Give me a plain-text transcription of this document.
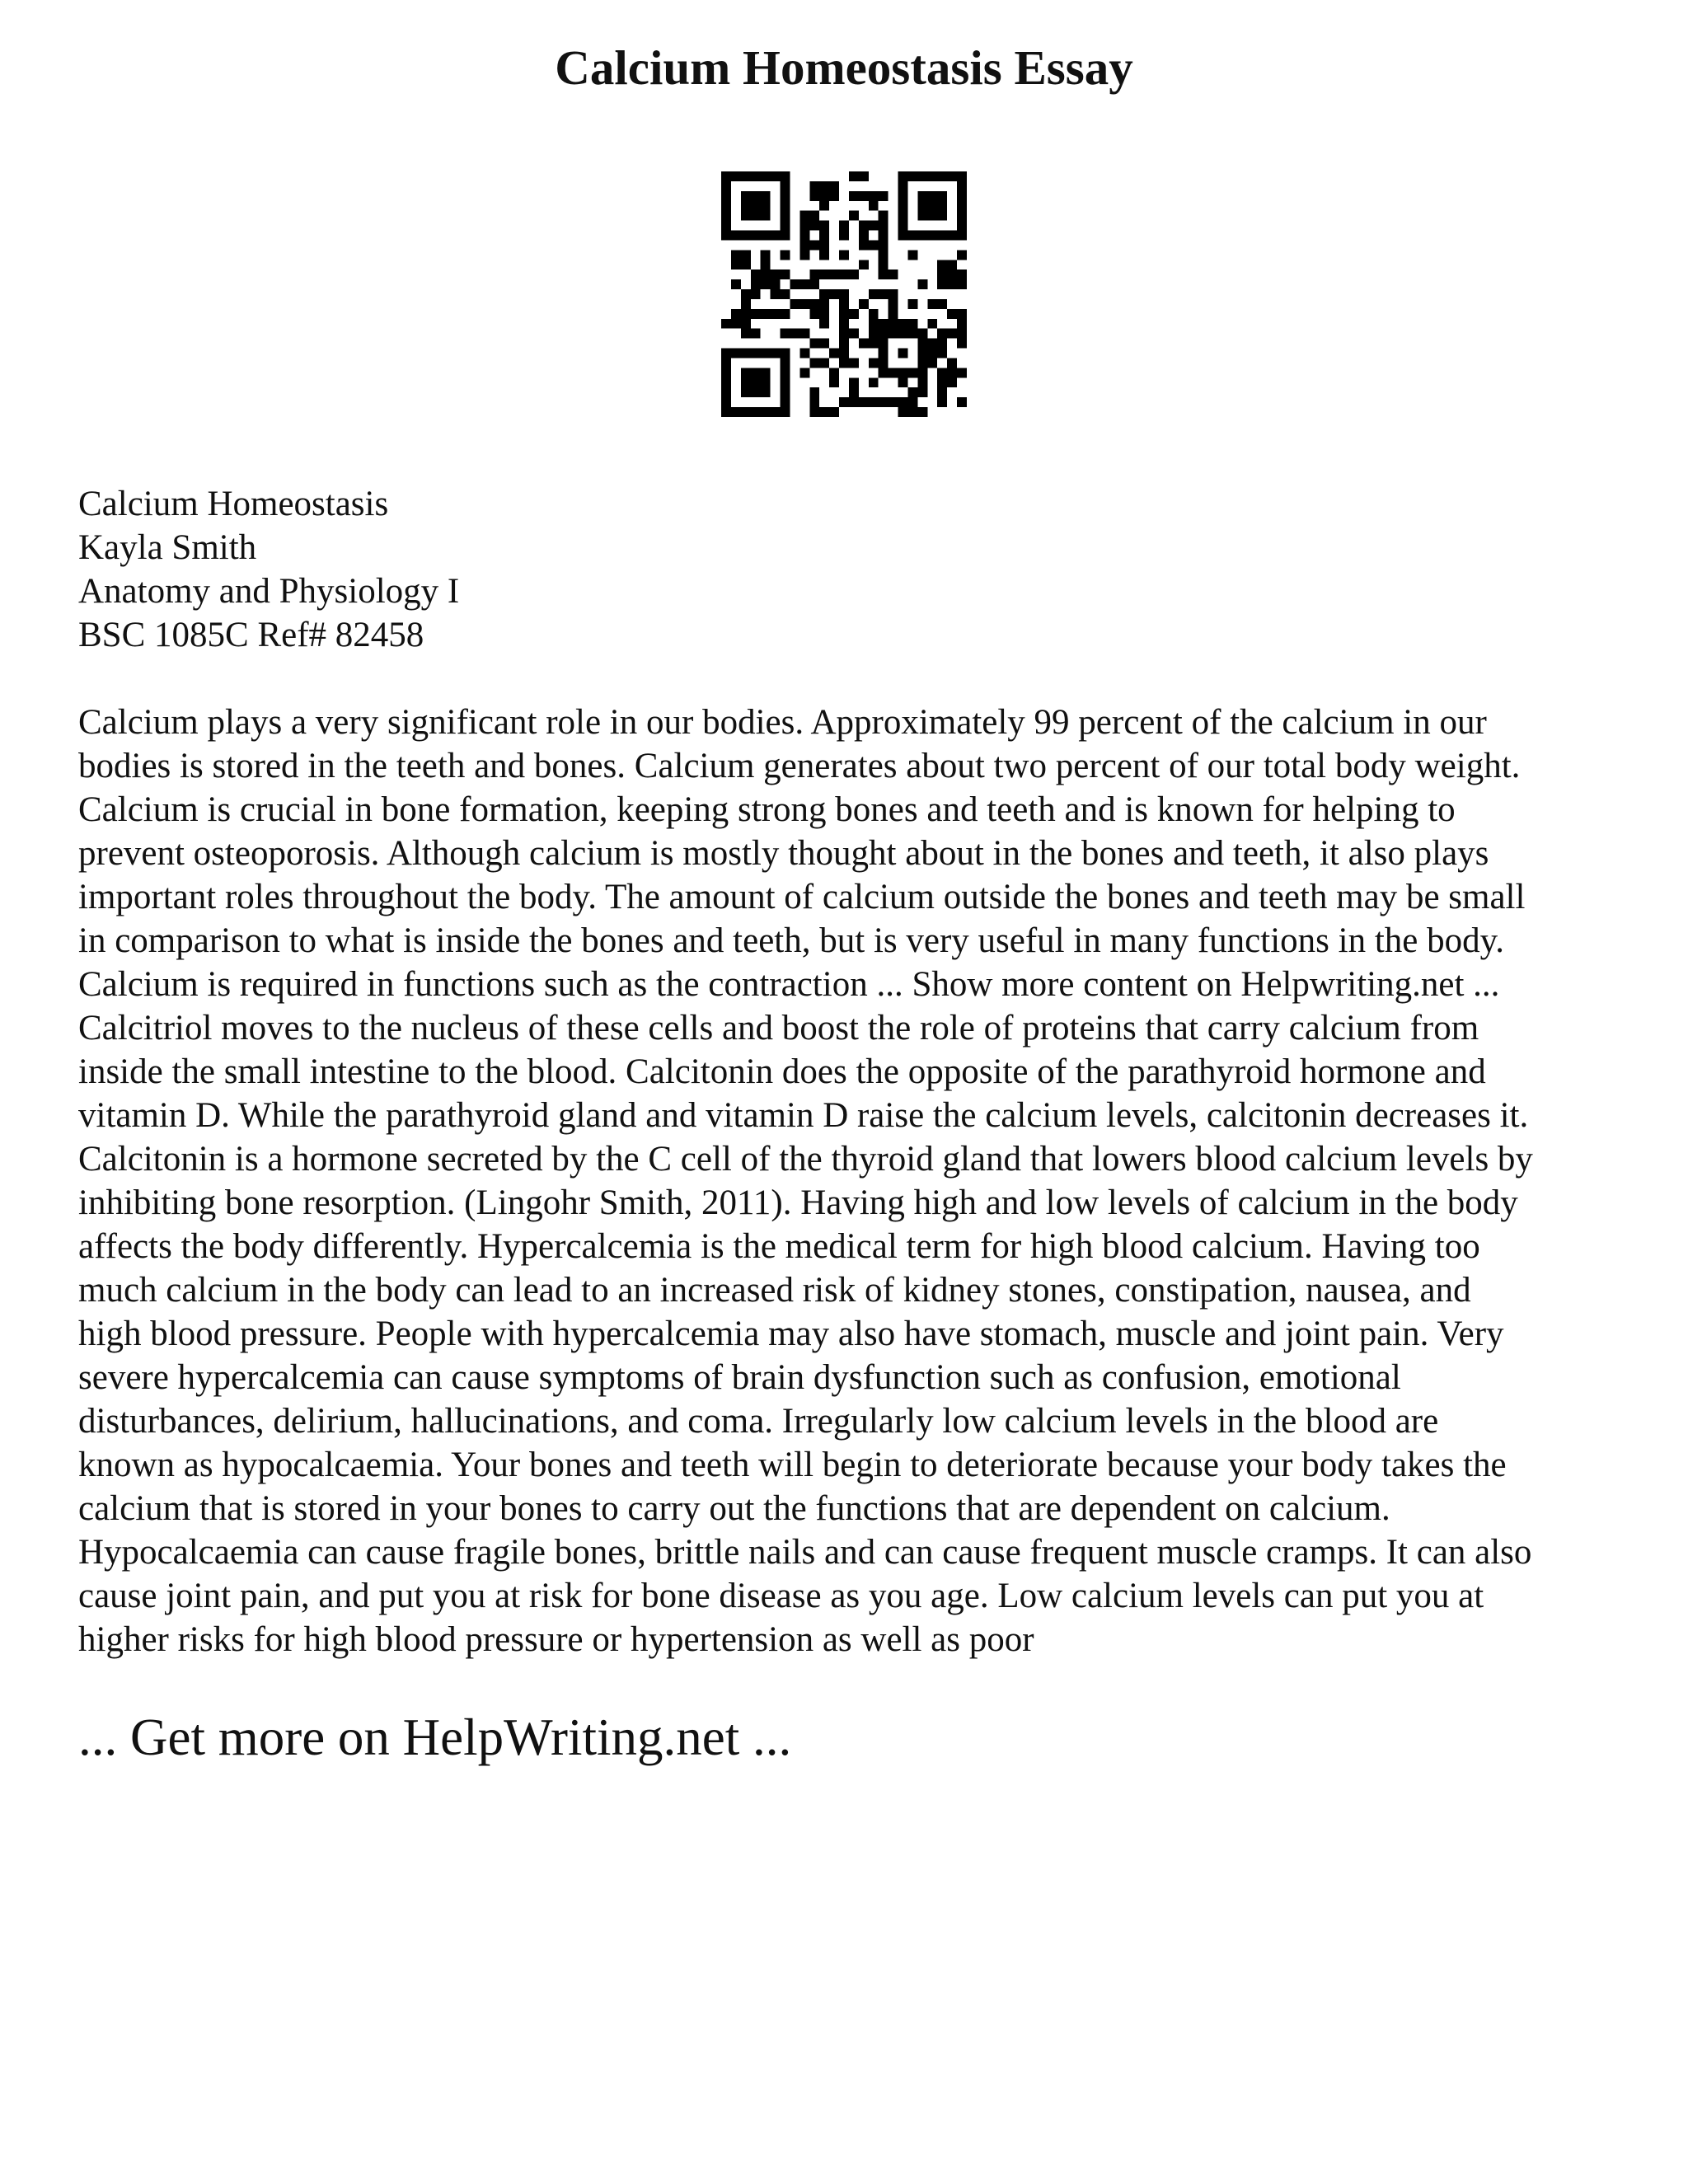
Calcium Homeostasis Essay
Calcium Homeostasis
Kayla Smith
Anatomy and Physiology I
BSC 1085C Ref# 82458

Calcium plays a very significant role in our bodies. Approximately 99 percent of the calcium in our
bodies is stored in the teeth and bones. Calcium generates about two percent of our total body weight.
Calcium is crucial in bone formation, keeping strong bones and teeth and is known for helping to
prevent osteoporosis. Although calcium is mostly thought about in the bones and teeth, it also plays
important roles throughout the body. The amount of calcium outside the bones and teeth may be small
in comparison to what is inside the bones and teeth, but is very useful in many functions in the body.
Calcium is required in functions such as the contraction ... Show more content on Helpwriting.net ...
Calcitriol moves to the nucleus of these cells and boost the role of proteins that carry calcium from
inside the small intestine to the blood. Calcitonin does the opposite of the parathyroid hormone and
vitamin D. While the parathyroid gland and vitamin D raise the calcium levels, calcitonin decreases it.
Calcitonin is a hormone secreted by the C cell of the thyroid gland that lowers blood calcium levels by
inhibiting bone resorption. (Lingohr Smith, 2011). Having high and low levels of calcium in the body
affects the body differently. Hypercalcemia is the medical term for high blood calcium. Having too
much calcium in the body can lead to an increased risk of kidney stones, constipation, nausea, and
high blood pressure. People with hypercalcemia may also have stomach, muscle and joint pain. Very
severe hypercalcemia can cause symptoms of brain dysfunction such as confusion, emotional
disturbances, delirium, hallucinations, and coma. Irregularly low calcium levels in the blood are
known as hypocalcaemia. Your bones and teeth will begin to deteriorate because your body takes the
calcium that is stored in your bones to carry out the functions that are dependent on calcium.
Hypocalcaemia can cause fragile bones, brittle nails and can cause frequent muscle cramps. It can also
cause joint pain, and put you at risk for bone disease as you age. Low calcium levels can put you at
higher risks for high blood pressure or hypertension as well as poor

... Get more on HelpWriting.net ...
